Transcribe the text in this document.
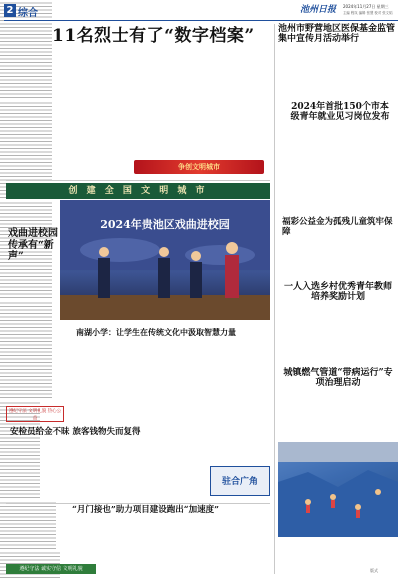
2 综合	池州日报 2024年11月27日 星期三
主编 程岚 编辑 张慧 校对 张文韬
11名烈士有了“数字档案”
争创文明城市
池州市野营地区医保基金监管集中宣传月活动举行
2024年首批150个市本级青年就业见习岗位发布
福彩公益金为孤残儿童筑牢保障
一人入选乡村优秀青年教师培养奖励计划
城镇燃气管道“带病运行”专项治理启动
版式
创 建 全 国 文 明 城 市
戏曲进校园 传承有“新声”
2024年贵池区戏曲进校园
南湖小学：让学生在传统文化中汲取智慧力量
遵纪守法 文明礼貌 热心公益
安检员给金不昧 旅客钱物失而复得
驻合广角
“月门接也”助力项目建设跑出“加速度”
遵纪守法 诚实守信 文明礼貌
